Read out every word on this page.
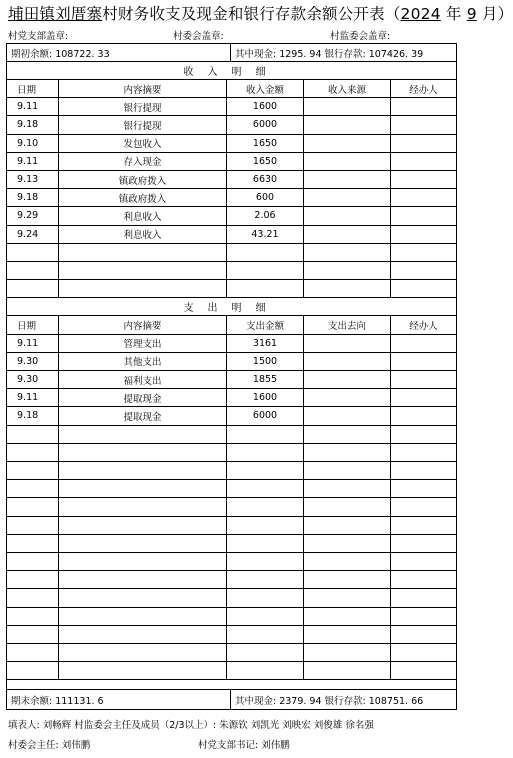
埔田镇刘厝寨村财务收支及现金和银行存款余额公开表（2024 年 9 月）
村党支部盖章:	村委会盖章:	村监委会盖章:
期初余额: 108722. 33	其中现金: 1295. 94 银行存款: 107426. 39
收入明细
日期	内容摘要	收入金额	收入来源	经办人
9.11	银行提现	1600
9.18	银行提现	6000
9.10	发包收入	1650
9.11	存入现金	1650
9.13	镇政府拨入	6630
9.18	镇政府拨入	600
9.29	利息收入	2.06
9.24	利息收入	43.21
支出明细
日期	内容摘要	支出金额	支出去向	经办人
9.11	管理支出	3161
9.30	其他支出	1500
9.30	福利支出	1855
9.11	提取现金	1600
9.18	提取现金	6000
期末余额: 111131. 6	其中现金: 2379. 94 银行存款: 108751. 66
填表人: 刘畅辉 村监委会主任及成员（2/3以上）: 朱源钦 刘凯光 刘映宏 刘俊雄 徐名强
村委会主任: 刘伟鹏	村党支部书记: 刘伟鹏
